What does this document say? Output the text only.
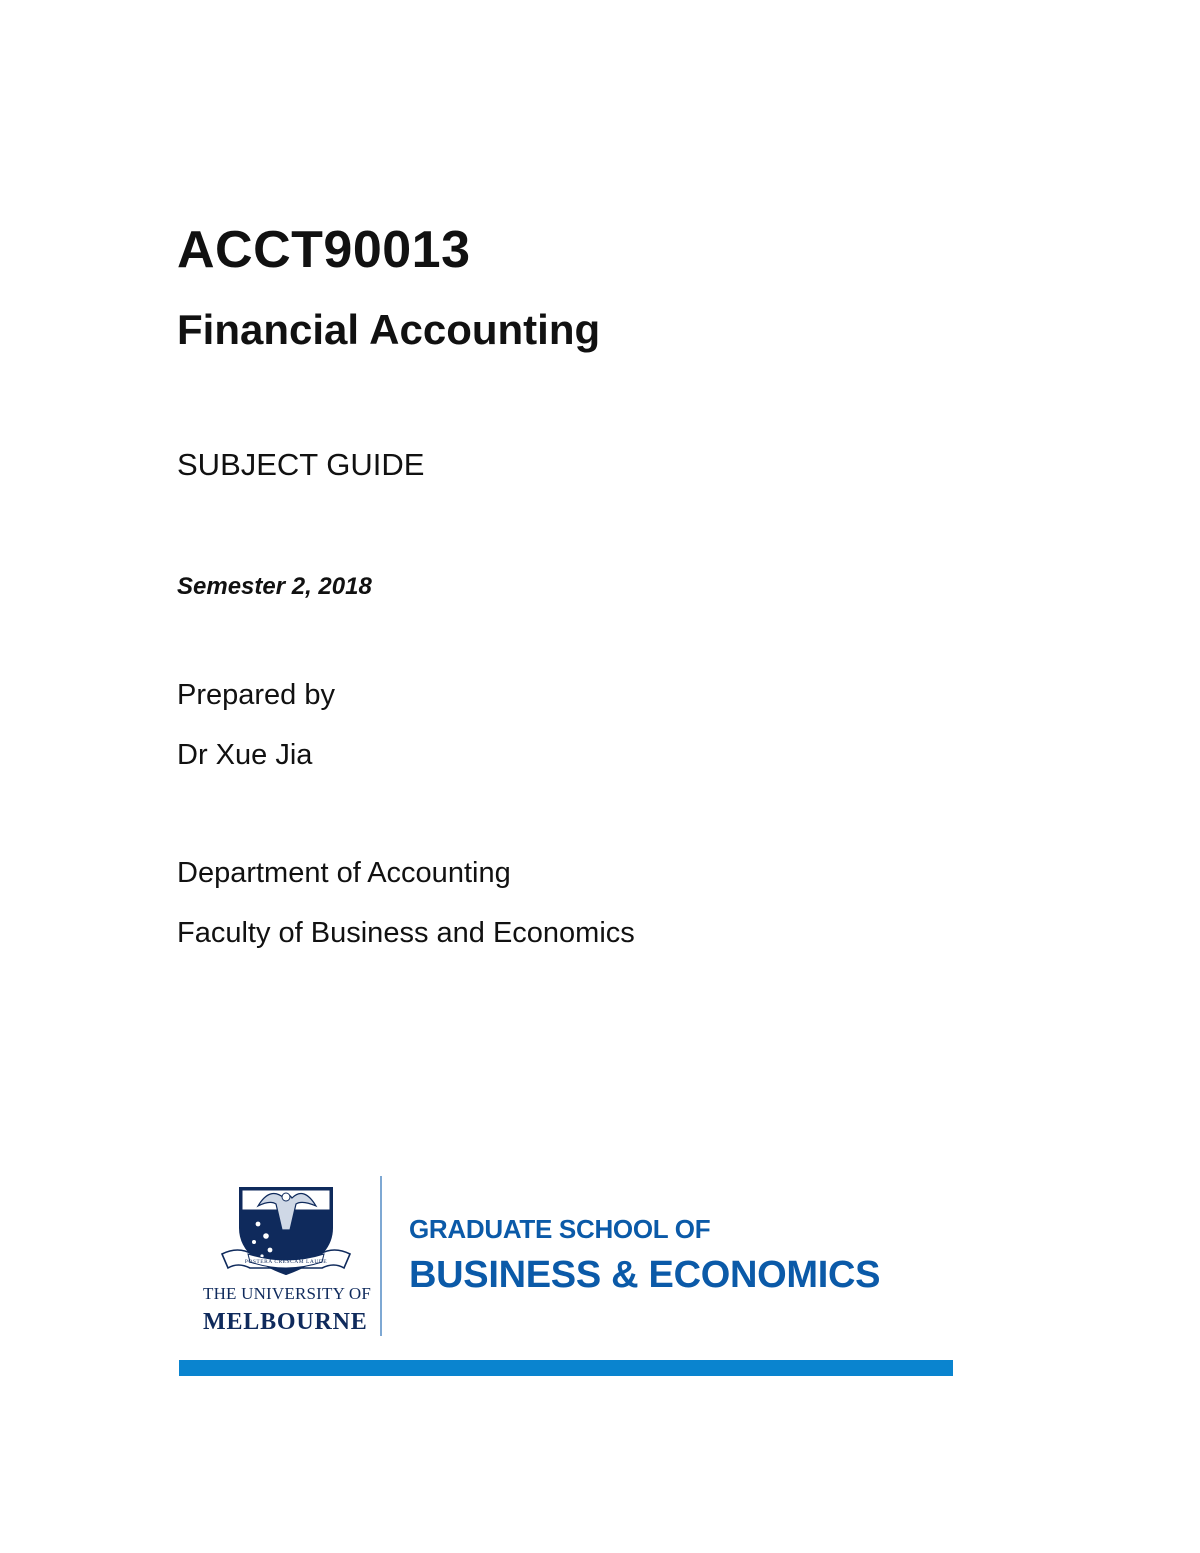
ACCT90013
Financial Accounting
SUBJECT GUIDE
Semester 2, 2018
Prepared by
Dr Xue Jia
Department of Accounting
Faculty of Business and Economics
POSTERA CRESCAM LAUDE
THE UNIVERSITY OF
MELBOURNE
GRADUATE SCHOOL OF
BUSINESS & ECONOMICS
